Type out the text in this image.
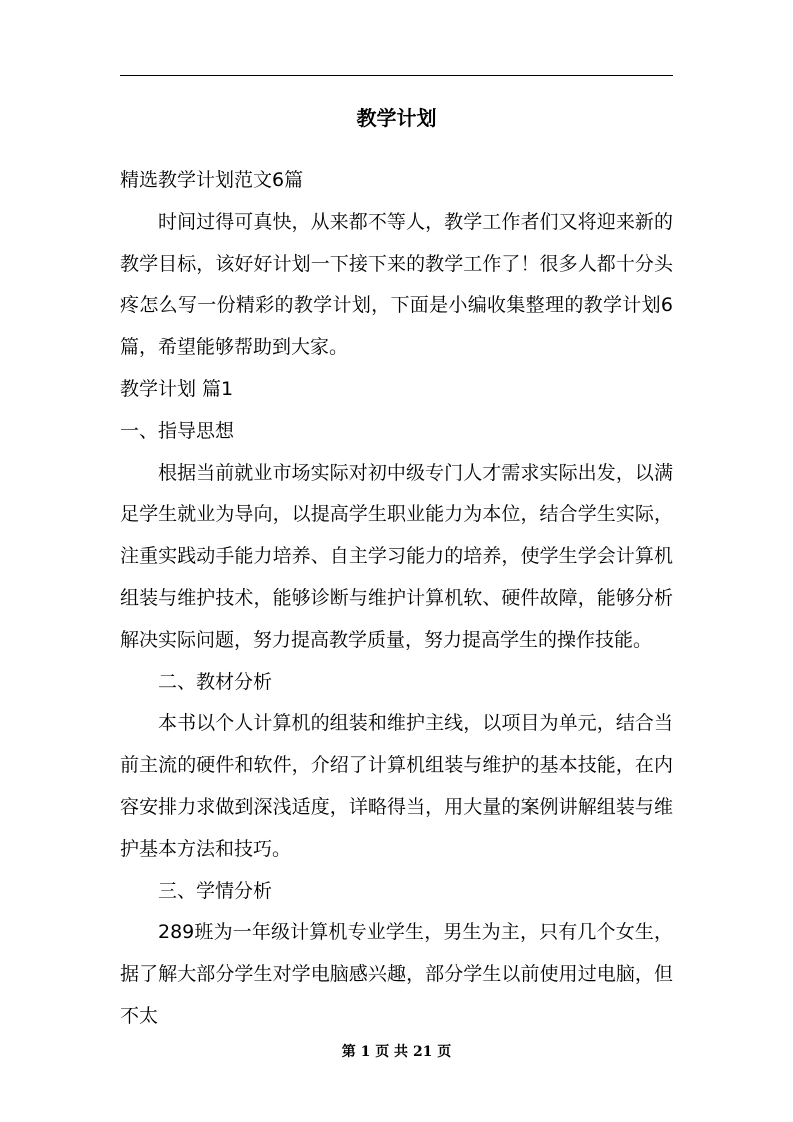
教学计划

精选教学计划范文6篇

时间过得可真快，从来都不等人，教学工作者们又将迎来新的教学目标，该好好计划一下接下来的教学工作了！很多人都十分头疼怎么写一份精彩的教学计划，下面是小编收集整理的教学计划6篇，希望能够帮助到大家。

教学计划 篇1

一、指导思想

根据当前就业市场实际对初中级专门人才需求实际出发，以满足学生就业为导向，以提高学生职业能力为本位，结合学生实际，注重实践动手能力培养、自主学习能力的培养，使学生学会计算机组装与维护技术，能够诊断与维护计算机软、硬件故障，能够分析解决实际问题，努力提高教学质量，努力提高学生的操作技能。

二、教材分析

本书以个人计算机的组装和维护主线，以项目为单元，结合当前主流的硬件和软件，介绍了计算机组装与维护的基本技能，在内容安排力求做到深浅适度，详略得当，用大量的案例讲解组装与维护基本方法和技巧。

三、学情分析

289班为一年级计算机专业学生，男生为主，只有几个女生，据了解大部分学生对学电脑感兴趣，部分学生以前使用过电脑，但不太

第 1 页 共 21 页
